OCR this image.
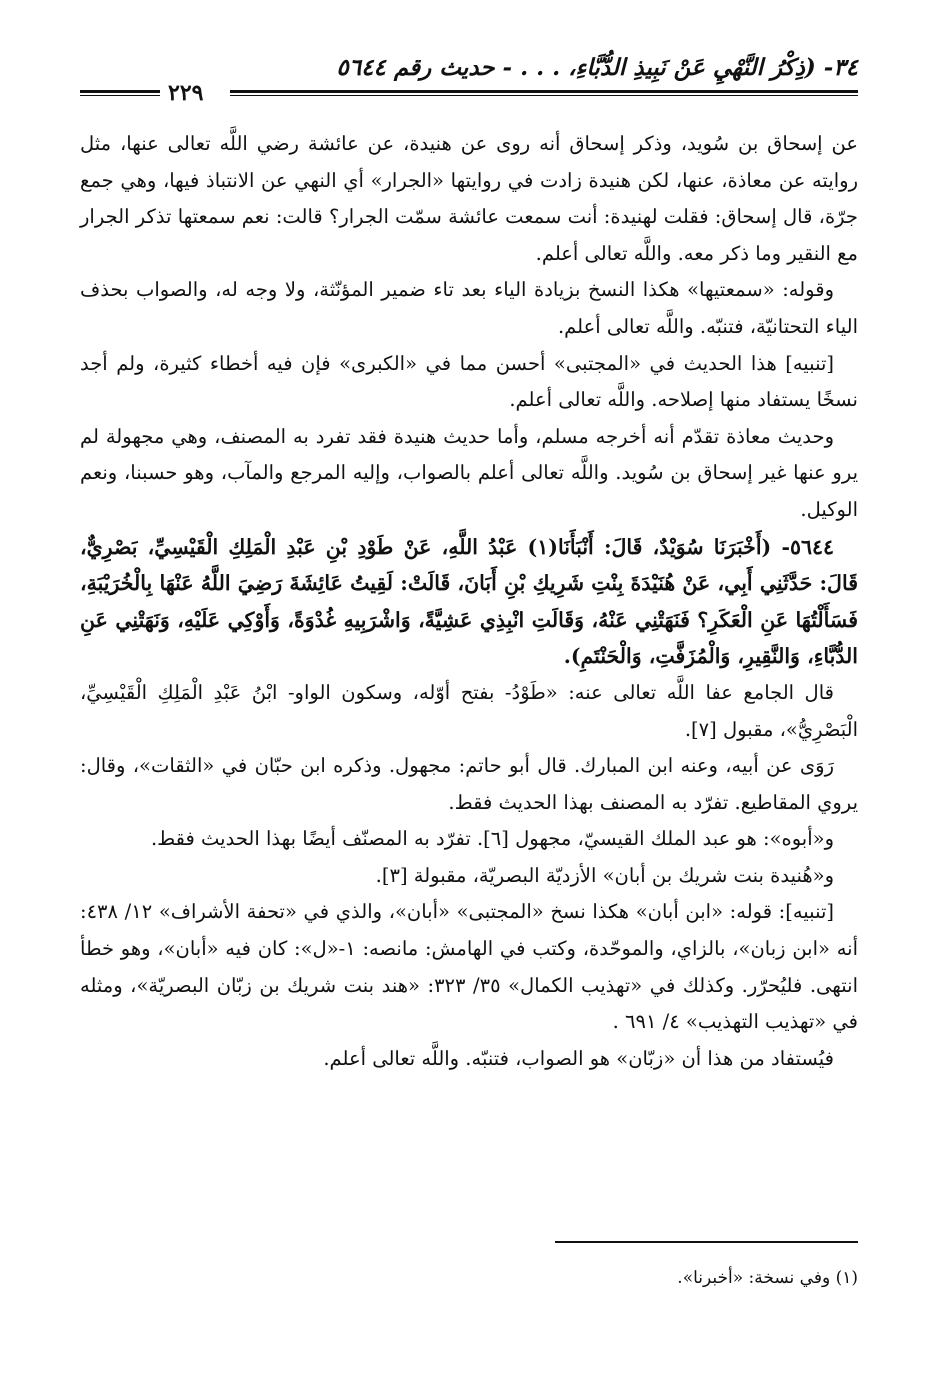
٣٤- (ذِكْرُ النَّهْيِ عَنْ نَبِيذِ الدُّبَّاءِ، . . . - حديث رقم ٥٦٤٤
٢٢٩

عن إسحاق بن سُويد، وذكر إسحاق أنه روى عن هنيدة، عن عائشة رضي اللَّه تعالى عنها، مثل روايته عن معاذة، عنها، لكن هنيدة زادت في روايتها «الجرار» أي النهي عن الانتباذ فيها، وهي جمع جرّة، قال إسحاق: فقلت لهنيدة: أنت سمعت عائشة سمّت الجرار؟ قالت: نعم سمعتها تذكر الجرار مع النقير وما ذكر معه. واللَّه تعالى أعلم.

وقوله: «سمعتيها» هكذا النسخ بزيادة الياء بعد تاء ضمير المؤنّثة، ولا وجه له، والصواب بحذف الياء التحتانيّة، فتنبّه. واللَّه تعالى أعلم.

[تنبيه] هذا الحديث في «المجتبى» أحسن مما في «الكبرى» فإن فيه أخطاء كثيرة، ولم أجد نسخًا يستفاد منها إصلاحه. واللَّه تعالى أعلم.

وحديث معاذة تقدّم أنه أخرجه مسلم، وأما حديث هنيدة فقد تفرد به المصنف، وهي مجهولة لم يرو عنها غير إسحاق بن سُويد. واللَّه تعالى أعلم بالصواب، وإليه المرجع والمآب، وهو حسبنا، ونعم الوكيل.

٥٦٤٤- (أَخْبَرَنَا سُوَيْدٌ، قَالَ: أَنْبَأَنَا(١) عَبْدُ اللَّهِ، عَنْ طَوْدِ بْنِ عَبْدِ الْمَلِكِ الْقَيْسِيِّ، بَصْرِيٌّ، قَالَ: حَدَّثَنِي أَبِي، عَنْ هُنَيْدَةَ بِنْتِ شَرِيكِ بْنِ أَبَانَ، قَالَتْ: لَقِيتُ عَائِشَةَ رَضِيَ اللَّهُ عَنْهَا بِالْخُرَيْبَةِ، فَسَأَلْتُهَا عَنِ الْعَكَرِ؟ فَنَهَتْنِي عَنْهُ، وَقَالَتِ انْبِذِي عَشِيَّةً، وَاشْرَبِيهِ غُدْوَةً، وَأَوْكِي عَلَيْهِ، وَنَهَتْنِي عَنِ الدُّبَّاءِ، وَالنَّقِيرِ، وَالْمُزَفَّتِ، وَالْحَنْتَمِ).

قال الجامع عفا اللَّه تعالى عنه: «طَوْدُ- بفتح أوّله، وسكون الواو- ابْنُ عَبْدِ الْمَلِكِ الْقَيْسِيِّ، الْبَصْرِيُّ»، مقبول [٧].

رَوَى عن أبيه، وعنه ابن المبارك. قال أبو حاتم: مجهول. وذكره ابن حبّان في «الثقات»، وقال: يروي المقاطيع. تفرّد به المصنف بهذا الحديث فقط.

و«أبوه»: هو عبد الملك القيسيّ، مجهول [٦]. تفرّد به المصنّف أيضًا بهذا الحديث فقط.

و«هُنيدة بنت شريك بن أبان» الأزديّة البصريّة، مقبولة [٣].

[تنبيه]: قوله: «ابن أبان» هكذا نسخ «المجتبى» «أبان»، والذي في «تحفة الأشراف» ١٢/ ٤٣٨: أنه «ابن زبان»، بالزاي، والموحّدة، وكتب في الهامش: مانصه: ١-«ل»: كان فيه «أبان»، وهو خطأ انتهى. فليُحرّر. وكذلك في «تهذيب الكمال» ٣٥/ ٣٢٣: «هند بنت شريك بن زبّان البصريّة»، ومثله في «تهذيب التهذيب» ٤/ ٦٩١ .

فيُستفاد من هذا أن «زبّان» هو الصواب، فتنبّه. واللَّه تعالى أعلم.

(١) وفي نسخة: «أخبرنا».
